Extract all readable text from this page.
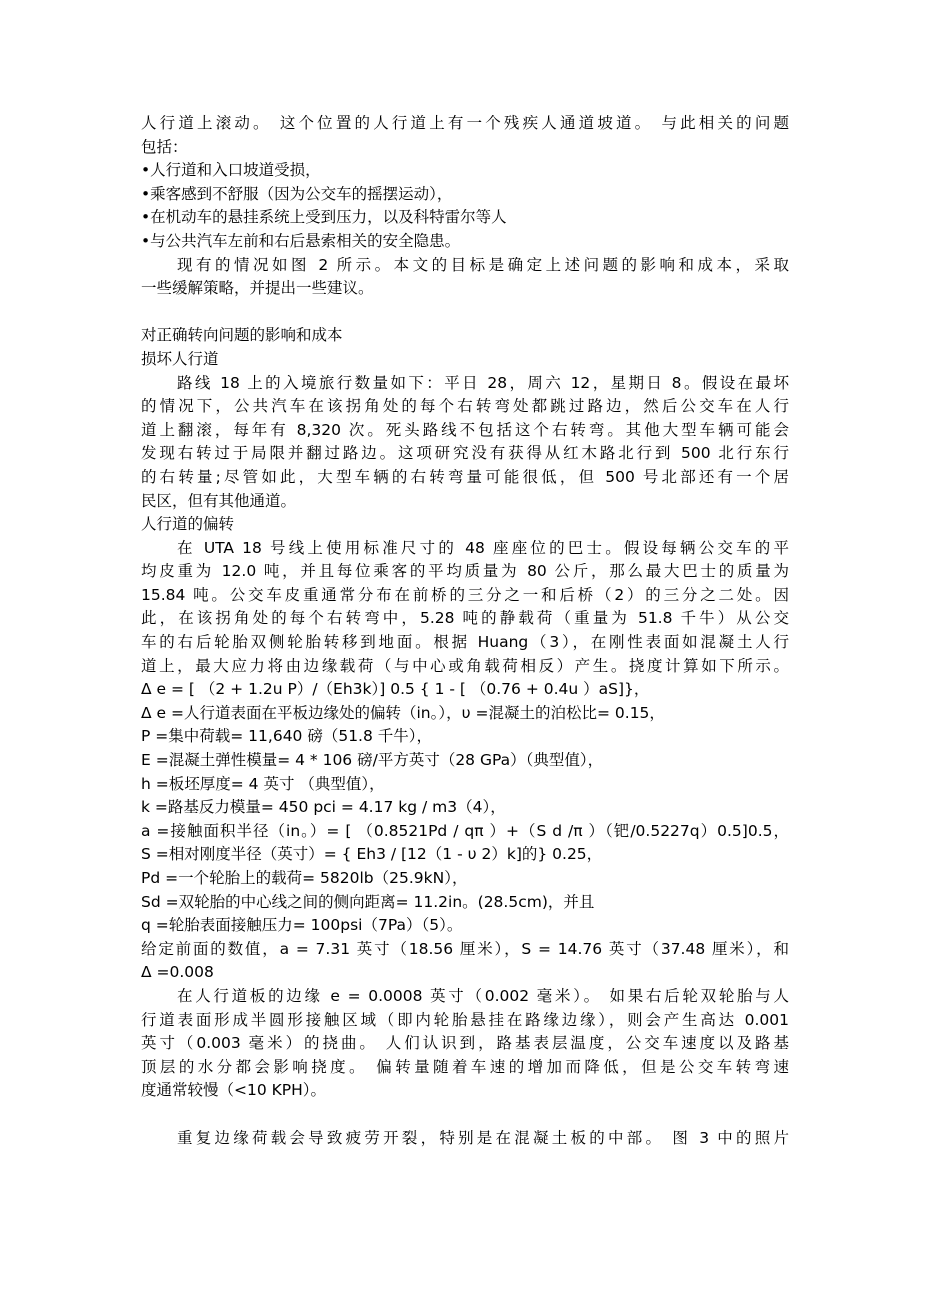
人行道上滚动。 这个位置的人行道上有一个残疾人通道坡道。 与此相关的问题
包括：
•人行道和入口坡道受损，
•乘客感到不舒服（因为公交车的摇摆运动），
•在机动车的悬挂系统上受到压力，以及科特雷尔等人
•与公共汽车左前和右后悬索相关的安全隐患。
现有的情况如图 2 所示。本文的目标是确定上述问题的影响和成本，采取
一些缓解策略，并提出一些建议。
对正确转向问题的影响和成本
损坏人行道
路线 18 上的入境旅行数量如下：平日 28，周六 12，星期日 8。假设在最坏
的情况下，公共汽车在该拐角处的每个右转弯处都跳过路边，然后公交车在人行
道上翻滚，每年有 8,320 次。死头路线不包括这个右转弯。其他大型车辆可能会
发现右转过于局限并翻过路边。这项研究没有获得从红木路北行到 500 北行东行
的右转量;尽管如此，大型车辆的右转弯量可能很低，但 500 号北部还有一个居
民区，但有其他通道。
人行道的偏转
在 UTA 18 号线上使用标准尺寸的 48 座座位的巴士。假设每辆公交车的平
均皮重为 12.0 吨，并且每位乘客的平均质量为 80 公斤，那么最大巴士的质量为
15.84 吨。公交车皮重通常分布在前桥的三分之一和后桥（2）的三分之二处。因
此，在该拐角处的每个右转弯中，5.28 吨的静载荷（重量为 51.8 千牛）从公交
车的右后轮胎双侧轮胎转移到地面。根据 Huang（3），在刚性表面如混凝土人行
道上，最大应力将由边缘载荷（与中心或角载荷相反）产生。挠度计算如下所示。
Δ e = [ （2 + 1.2u P）/（Eh3k）] 0.5 { 1 - [ （0.76 + 0.4u ）aS]}，
Δ e =人行道表面在平板边缘处的偏转（in。），υ =混凝土的泊松比= 0.15，
P =集中荷载= 11,640 磅（51.8 千牛），
E =混凝土弹性模量= 4 * 106 磅/平方英寸（28 GPa）（典型值），
h =板坯厚度= 4 英寸 （典型值），
k =路基反力模量= 450 pci = 4.17 kg / m3（4），
a =接触面积半径（in。）= [ （0.8521Pd / qπ ）+（S d /π ）（钯/0.5227q）0.5]0.5，
S =相对刚度半径（英寸）= { Eh3 / [12（1 - υ 2）k]的} 0.25，
Pd =一个轮胎上的载荷= 5820lb（25.9kN），
Sd =双轮胎的中心线之间的侧向距离= 11.2in。(28.5cm)，并且
q =轮胎表面接触压力= 100psi（7Pa）（5）。
给定前面的数值，a = 7.31 英寸（18.56 厘米），S = 14.76 英寸（37.48 厘米），和
Δ =0.008
在人行道板的边缘 e = 0.0008 英寸（0.002 毫米）。 如果右后轮双轮胎与人
行道表面形成半圆形接触区域（即内轮胎悬挂在路缘边缘），则会产生高达 0.001
英寸（0.003 毫米）的挠曲。 人们认识到，路基表层温度，公交车速度以及路基
顶层的水分都会影响挠度。 偏转量随着车速的增加而降低，但是公交车转弯速
度通常较慢（<10 KPH）。
重复边缘荷载会导致疲劳开裂，特别是在混凝土板的中部。 图 3 中的照片
